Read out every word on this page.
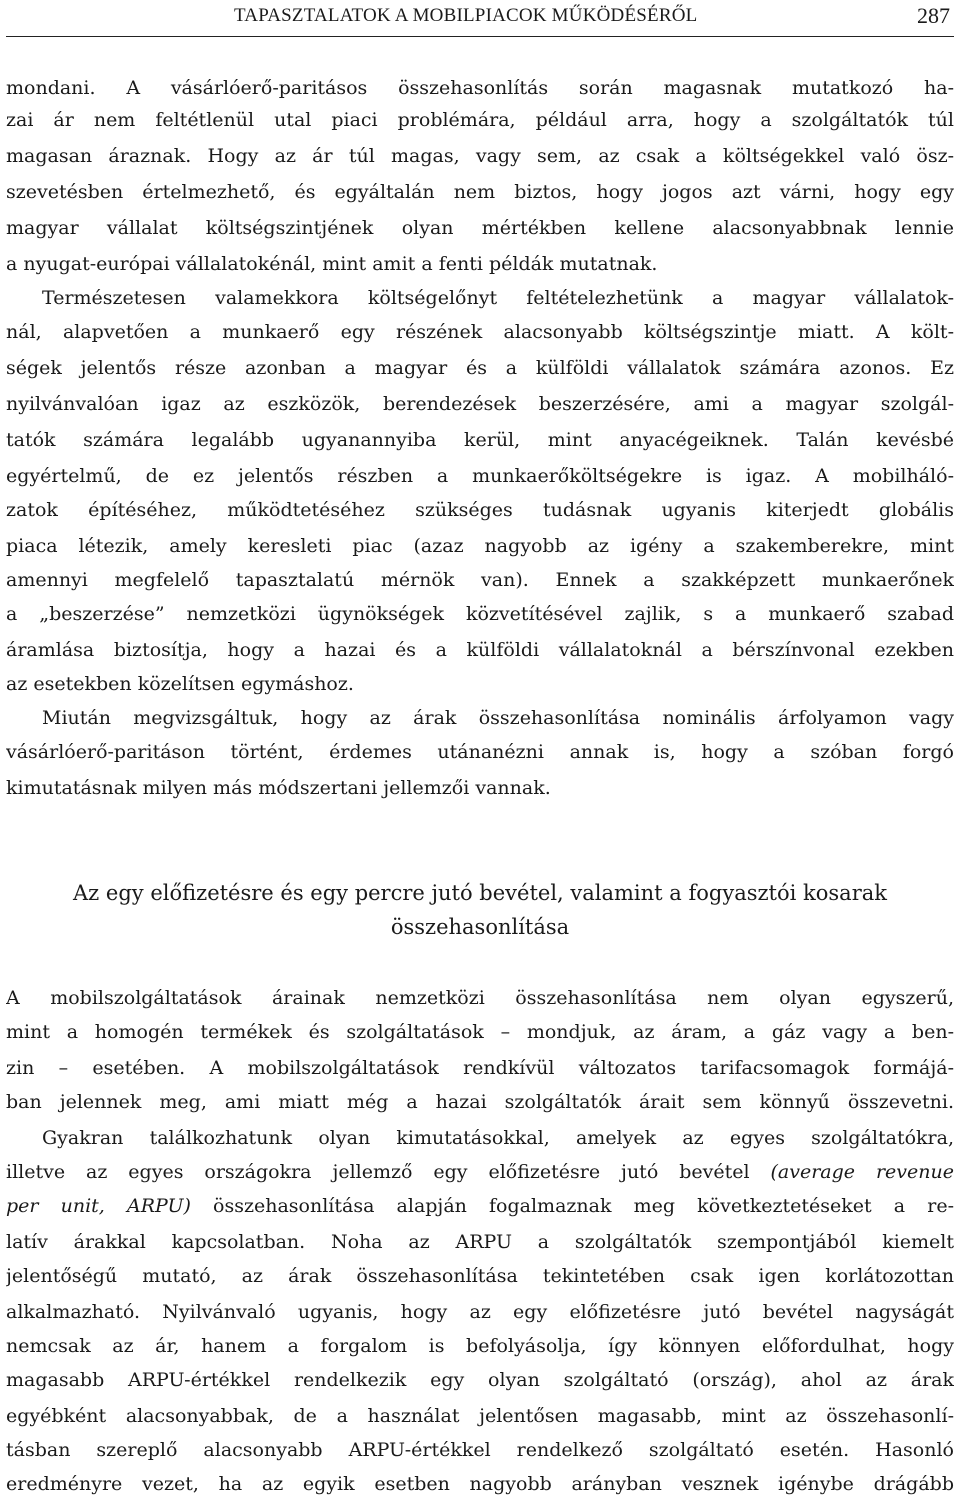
TAPASZTALATOK A MOBILPIACOK MŰKÖDÉSÉRŐL	287
mondani. A vásárlóerő-paritásos összehasonlítás során magasnak mutatkozó ha-
zai ár nem feltétlenül utal piaci problémára, például arra, hogy a szolgáltatók túl
magasan áraznak. Hogy az ár túl magas, vagy sem, az csak a költségekkel való ösz-
szevetésben értelmezhető, és egyáltalán nem biztos, hogy jogos azt várni, hogy egy
magyar vállalat költségszintjének olyan mértékben kellene alacsonyabbnak lennie
a nyugat-európai vállalatokénál, mint amit a fenti példák mutatnak.
Természetesen valamekkora költségelőnyt feltételezhetünk a magyar vállalatok-
nál, alapvetően a munkaerő egy részének alacsonyabb költségszintje miatt. A költ-
ségek jelentős része azonban a magyar és a külföldi vállalatok számára azonos. Ez
nyilvánvalóan igaz az eszközök, berendezések beszerzésére, ami a magyar szolgál-
tatók számára legalább ugyanannyiba kerül, mint anyacégeiknek. Talán kevésbé
egyértelmű, de ez jelentős részben a munkaerőköltségekre is igaz. A mobilháló-
zatok építéséhez, működtetéséhez szükséges tudásnak ugyanis kiterjedt globális
piaca létezik, amely keresleti piac (azaz nagyobb az igény a szakemberekre, mint
amennyi megfelelő tapasztalatú mérnök van). Ennek a szakképzett munkaerőnek
a „beszerzése” nemzetközi ügynökségek közvetítésével zajlik, s a munkaerő szabad
áramlása biztosítja, hogy a hazai és a külföldi vállalatoknál a bérszínvonal ezekben
az esetekben közelítsen egymáshoz.
Miután megvizsgáltuk, hogy az árak összehasonlítása nominális árfolyamon vagy
vásárlóerő-paritáson történt, érdemes utánanézni annak is, hogy a szóban forgó
kimutatásnak milyen más módszertani jellemzői vannak.
Az egy előfizetésre és egy percre jutó bevétel, valamint a fogyasztói kosarak
összehasonlítása
A mobilszolgáltatások árainak nemzetközi összehasonlítása nem olyan egyszerű,
mint a homogén termékek és szolgáltatások – mondjuk, az áram, a gáz vagy a ben-
zin – esetében. A mobilszolgáltatások rendkívül változatos tarifacsomagok formájá-
ban jelennek meg, ami miatt még a hazai szolgáltatók árait sem könnyű összevetni.
Gyakran találkozhatunk olyan kimutatásokkal, amelyek az egyes szolgáltatókra,
illetve az egyes országokra jellemző egy előfizetésre jutó bevétel (average revenue
per unit, ARPU) összehasonlítása alapján fogalmaznak meg következtetéseket a re-
latív árakkal kapcsolatban. Noha az ARPU a szolgáltatók szempontjából kiemelt
jelentőségű mutató, az árak összehasonlítása tekintetében csak igen korlátozottan
alkalmazható. Nyilvánvaló ugyanis, hogy az egy előfizetésre jutó bevétel nagyságát
nemcsak az ár, hanem a forgalom is befolyásolja, így könnyen előfordulhat, hogy
magasabb ARPU-értékkel rendelkezik egy olyan szolgáltató (ország), ahol az árak
egyébként alacsonyabbak, de a használat jelentősen magasabb, mint az összehasonlí-
tásban szereplő alacsonyabb ARPU-értékkel rendelkező szolgáltató esetén. Hasonló
eredményre vezet, ha az egyik esetben nagyobb arányban vesznek igénybe drágább
